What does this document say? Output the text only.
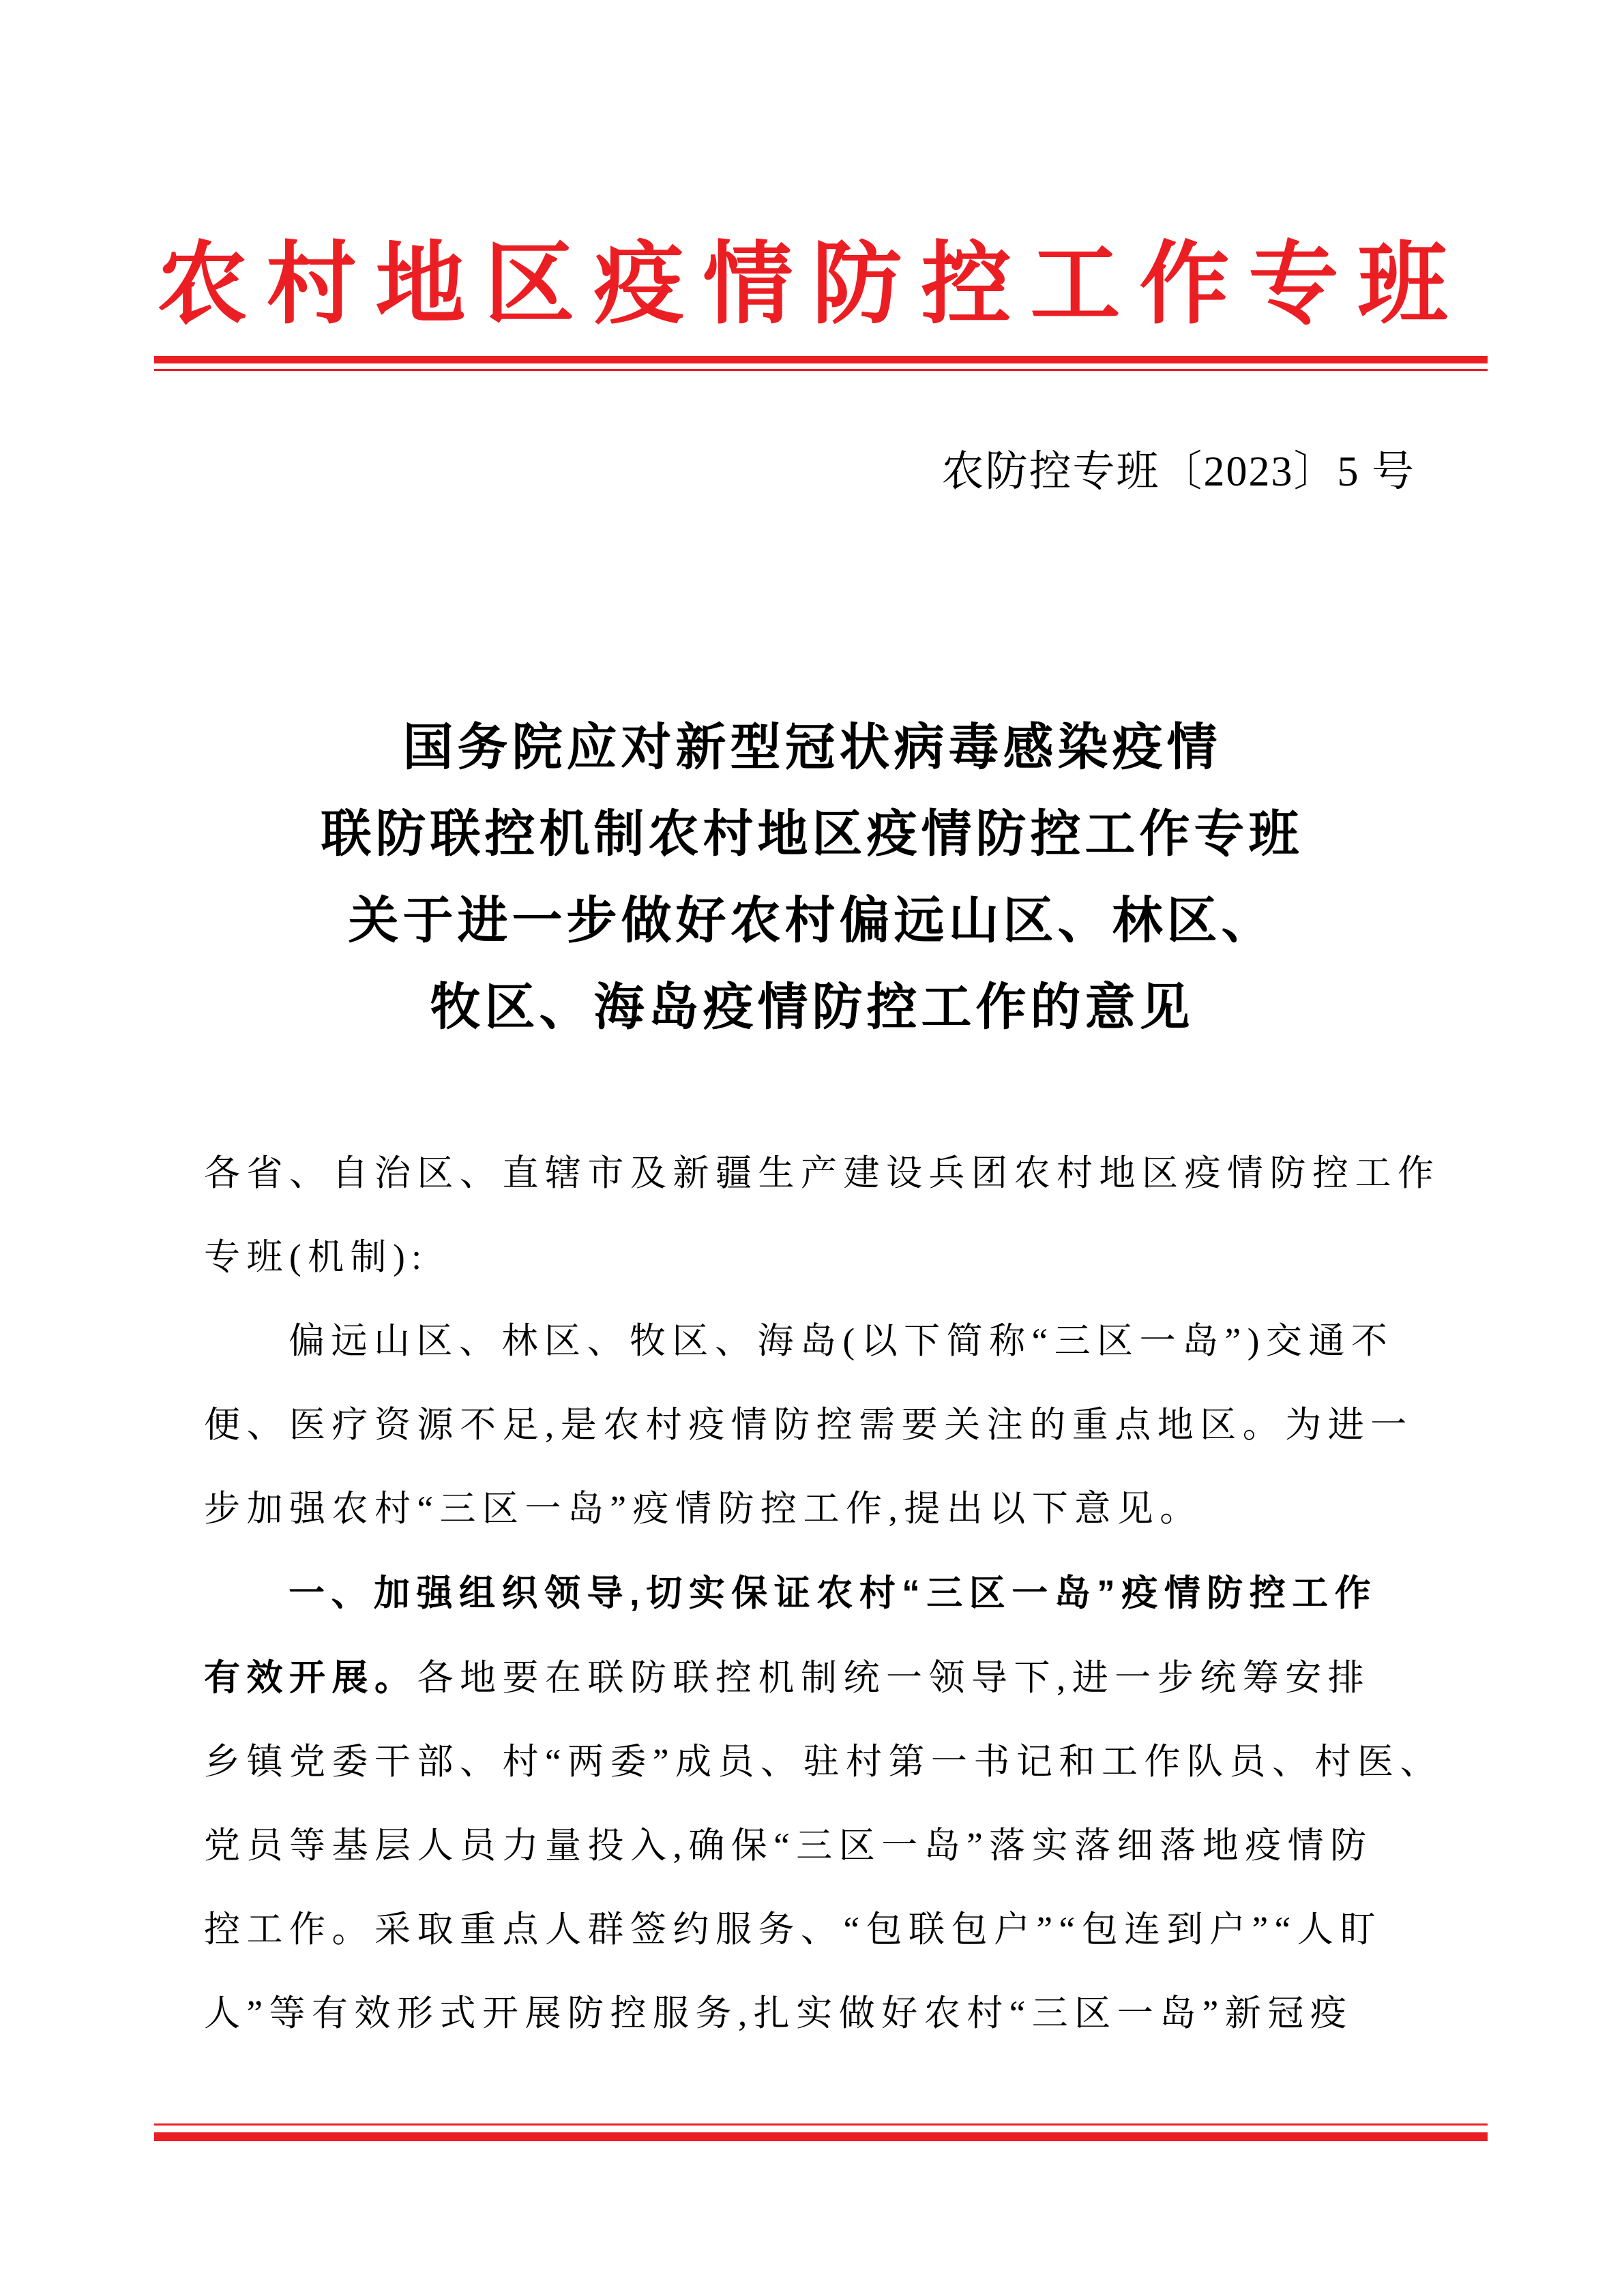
农村地区疫情防控工作专班
农防控专班〔2023〕5 号
国务院应对新型冠状病毒感染疫情
联防联控机制农村地区疫情防控工作专班
关于进一步做好农村偏远山区、林区、
牧区、海岛疫情防控工作的意见
各省、自治区、直辖市及新疆生产建设兵团农村地区疫情防控工作
专班(机制):
偏远山区、林区、牧区、海岛(以下简称“三区一岛”)交通不
便、医疗资源不足,是农村疫情防控需要关注的重点地区。为进一
步加强农村“三区一岛”疫情防控工作,提出以下意见。
一、加强组织领导,切实保证农村“三区一岛”疫情防控工作
有效开展。各地要在联防联控机制统一领导下,进一步统筹安排
乡镇党委干部、村“两委”成员、驻村第一书记和工作队员、村医、
党员等基层人员力量投入,确保“三区一岛”落实落细落地疫情防
控工作。采取重点人群签约服务、“包联包户”“包连到户”“人盯
人”等有效形式开展防控服务,扎实做好农村“三区一岛”新冠疫
